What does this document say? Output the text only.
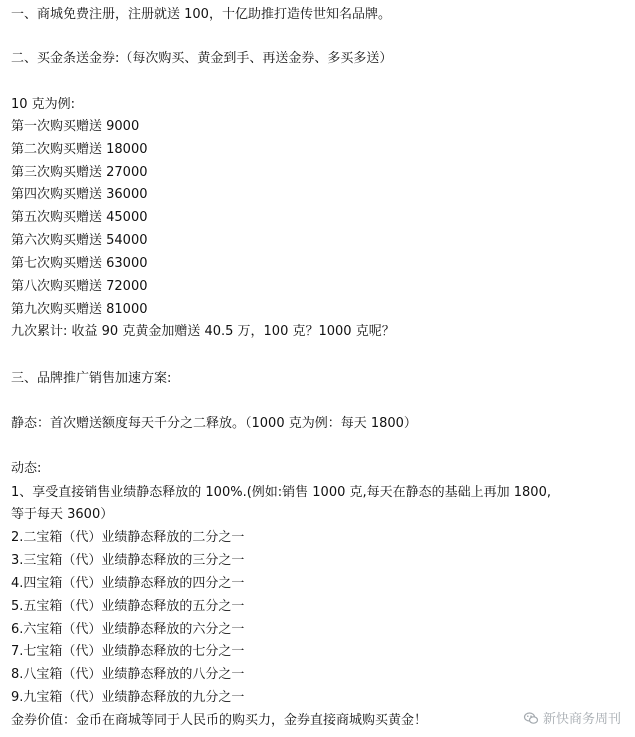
一、商城免费注册，注册就送 100，十亿助推打造传世知名品牌。
二、买金条送金券:（每次购买、黄金到手、再送金券、多买多送）
10 克为例:
第一次购买赠送 9000
第二次购买赠送 18000
第三次购买赠送 27000
第四次购买赠送 36000
第五次购买赠送 45000
第六次购买赠送 54000
第七次购买赠送 63000
第八次购买赠送 72000
第九次购买赠送 81000
九次累计: 收益 90 克黄金加赠送 40.5 万，100 克？1000 克呢？
三、品牌推广销售加速方案:
静态：首次赠送额度每天千分之二释放。（1000 克为例：每天 1800）
动态:
1、享受直接销售业绩静态释放的 100%.(例如:销售 1000 克,每天在静态的基础上再加 1800,
等于每天 3600）
2.二宝箱（代）业绩静态释放的二分之一
3.三宝箱（代）业绩静态释放的三分之一
4.四宝箱（代）业绩静态释放的四分之一
5.五宝箱（代）业绩静态释放的五分之一
6.六宝箱（代）业绩静态释放的六分之一
7.七宝箱（代）业绩静态释放的七分之一
8.八宝箱（代）业绩静态释放的八分之一
9.九宝箱（代）业绩静态释放的九分之一
金券价值：金币在商城等同于人民币的购买力，金券直接商城购买黄金！	新快商务周刊
